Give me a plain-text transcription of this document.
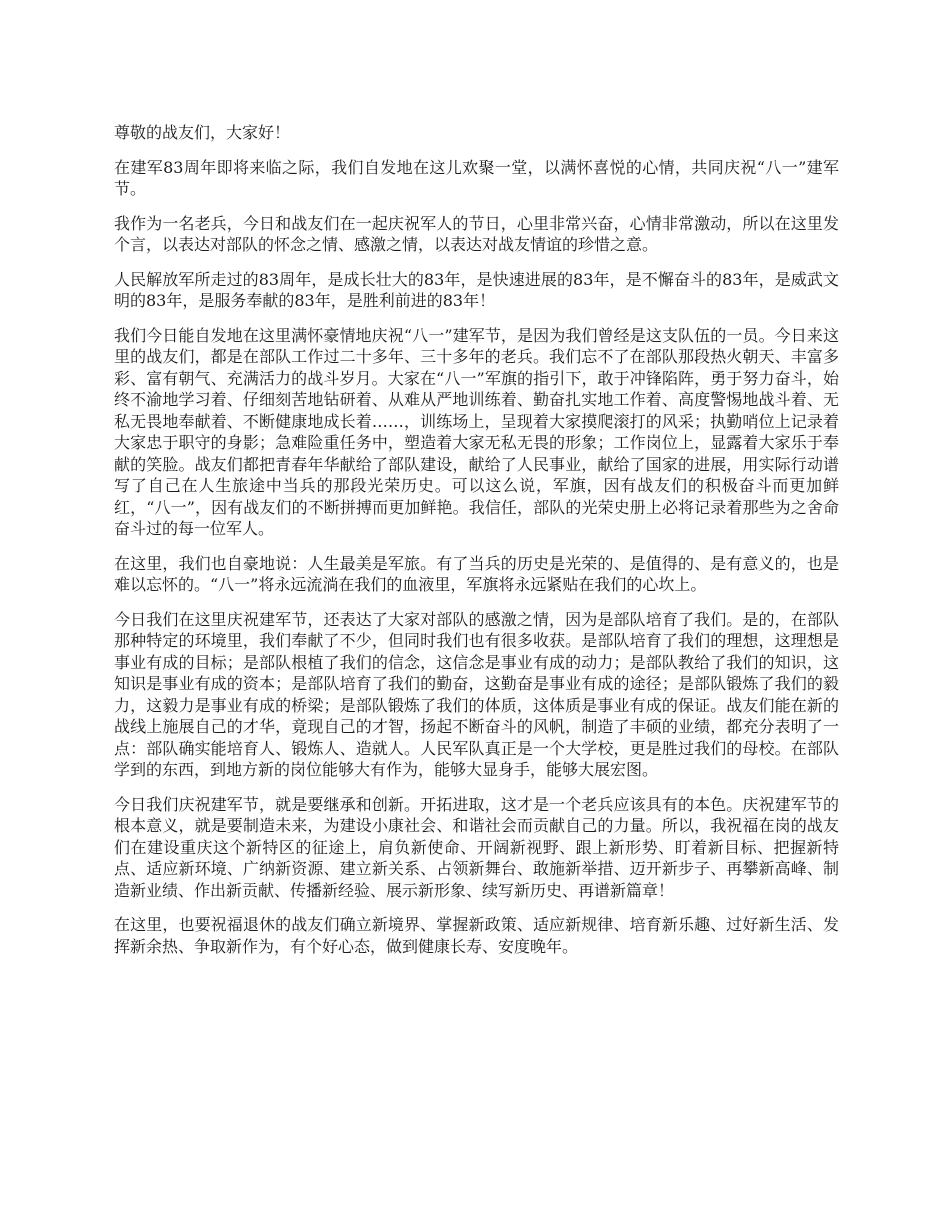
尊敬的战友们，大家好！

在建军83周年即将来临之际，我们自发地在这儿欢聚一堂，以满怀喜悦的心情，共同庆祝“八一”建军节。

我作为一名老兵，今日和战友们在一起庆祝军人的节日，心里非常兴奋，心情非常激动，所以在这里发个言，以表达对部队的怀念之情、感激之情，以表达对战友情谊的珍惜之意。

人民解放军所走过的83周年，是成长壮大的83年，是快速进展的83年，是不懈奋斗的83年，是威武文明的83年，是服务奉献的83年，是胜利前进的83年！

我们今日能自发地在这里满怀豪情地庆祝“八一”建军节，是因为我们曾经是这支队伍的一员。今日来这里的战友们，都是在部队工作过二十多年、三十多年的老兵。我们忘不了在部队那段热火朝天、丰富多彩、富有朝气、充满活力的战斗岁月。大家在“八一”军旗的指引下，敢于冲锋陷阵，勇于努力奋斗，始终不渝地学习着、仔细刻苦地钻研着、从难从严地训练着、勤奋扎实地工作着、高度警惕地战斗着、无私无畏地奉献着、不断健康地成长着……，训练场上，呈现着大家摸爬滚打的风采；执勤哨位上记录着大家忠于职守的身影；急难险重任务中，塑造着大家无私无畏的形象；工作岗位上，显露着大家乐于奉献的笑脸。战友们都把青春年华献给了部队建设，献给了人民事业，献给了国家的进展，用实际行动谱写了自己在人生旅途中当兵的那段光荣历史。可以这么说，军旗，因有战友们的积极奋斗而更加鲜红，“八一”，因有战友们的不断拼搏而更加鲜艳。我信任，部队的光荣史册上必将记录着那些为之舍命奋斗过的每一位军人。

在这里，我们也自豪地说：人生最美是军旅。有了当兵的历史是光荣的、是值得的、是有意义的，也是难以忘怀的。“八一”将永远流淌在我们的血液里，军旗将永远紧贴在我们的心坎上。

今日我们在这里庆祝建军节，还表达了大家对部队的感激之情，因为是部队培育了我们。是的，在部队那种特定的环境里，我们奉献了不少，但同时我们也有很多收获。是部队培育了我们的理想，这理想是事业有成的目标；是部队根植了我们的信念，这信念是事业有成的动力；是部队教给了我们的知识，这知识是事业有成的资本；是部队培育了我们的勤奋，这勤奋是事业有成的途径；是部队锻炼了我们的毅力，这毅力是事业有成的桥梁；是部队锻炼了我们的体质，这体质是事业有成的保证。战友们能在新的战线上施展自己的才华，竟现自己的才智，扬起不断奋斗的风帆，制造了丰硕的业绩，都充分表明了一点：部队确实能培育人、锻炼人、造就人。人民军队真正是一个大学校，更是胜过我们的母校。在部队学到的东西，到地方新的岗位能够大有作为，能够大显身手，能够大展宏图。

今日我们庆祝建军节，就是要继承和创新。开拓进取，这才是一个老兵应该具有的本色。庆祝建军节的根本意义，就是要制造未来，为建设小康社会、和谐社会而贡献自己的力量。所以，我祝福在岗的战友们在建设重庆这个新特区的征途上，肩负新使命、开阔新视野、跟上新形势、盯着新目标、把握新特点、适应新环境、广纳新资源、建立新关系、占领新舞台、敢施新举措、迈开新步子、再攀新高峰、制造新业绩、作出新贡献、传播新经验、展示新形象、续写新历史、再谱新篇章！

在这里，也要祝福退休的战友们确立新境界、掌握新政策、适应新规律、培育新乐趣、过好新生活、发挥新余热、争取新作为，有个好心态，做到健康长寿、安度晚年。
